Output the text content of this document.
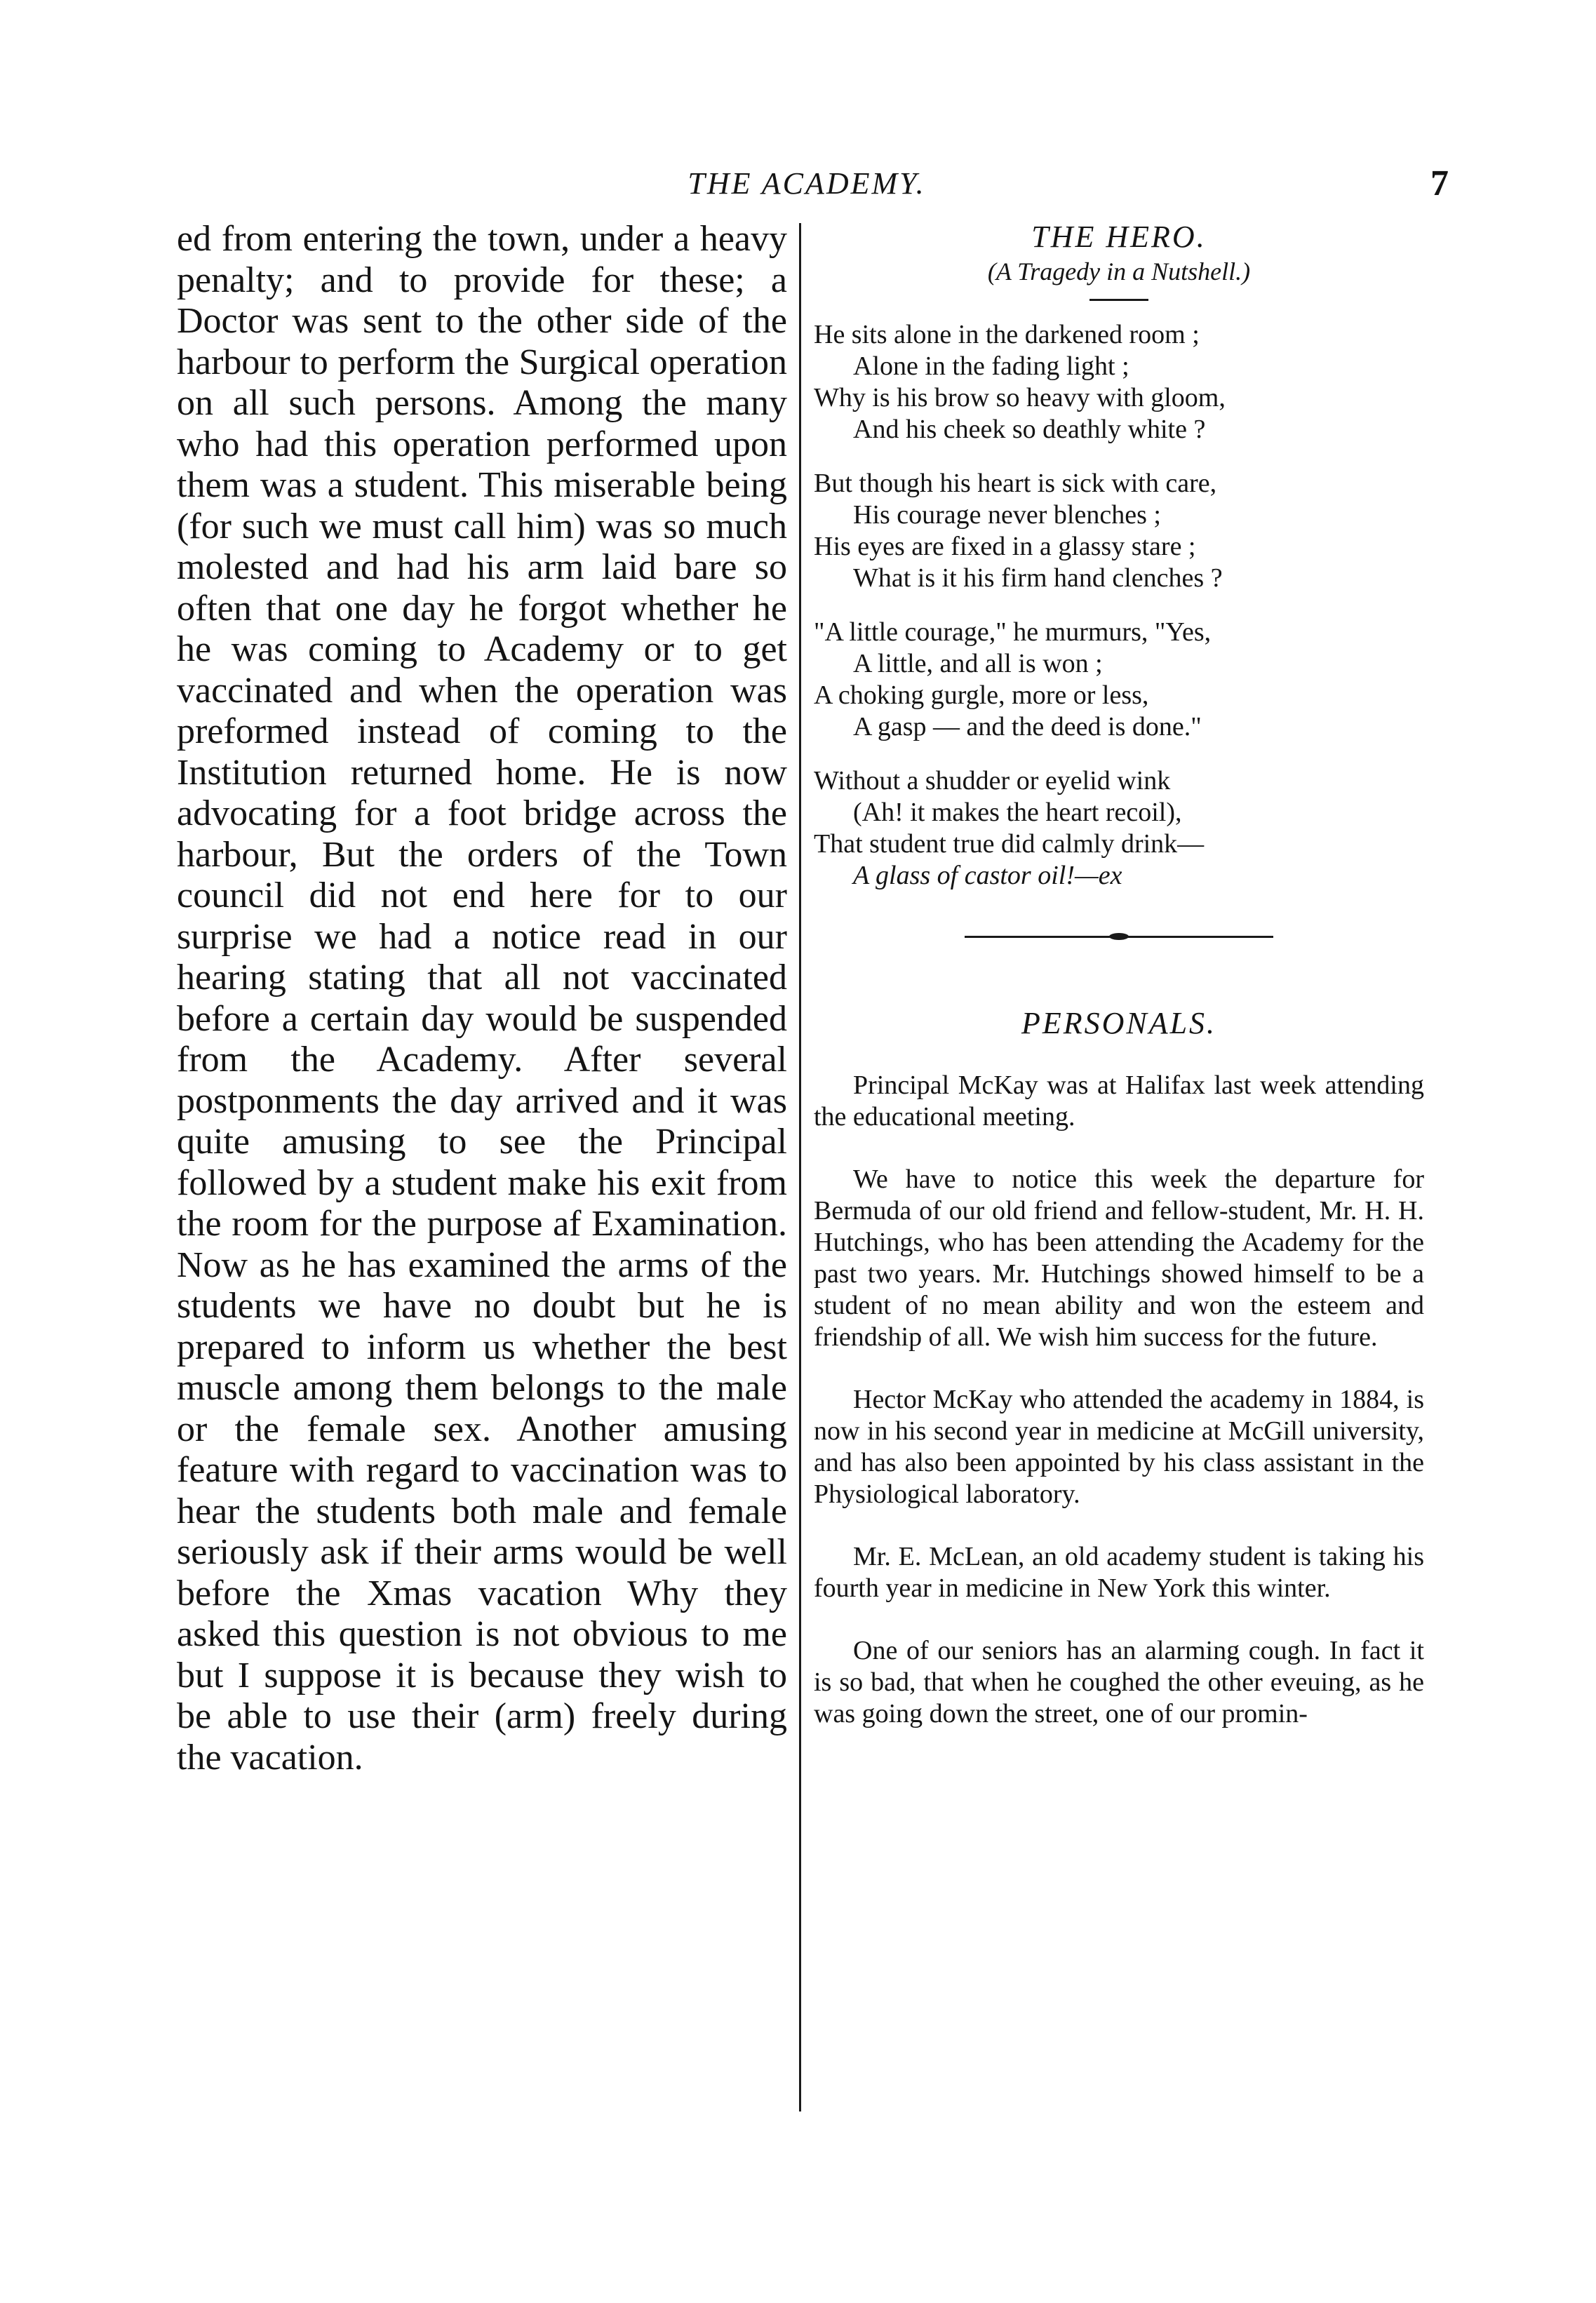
THE ACADEMY.	7

ed from entering the town, under a heavy penalty; and to provide for these; a Doctor was sent to the other side of the harbour to perform the Surgical operation on all such persons. Among the many who had this operation performed upon them was a student. This miserable being (for such we must call him) was so much molested and had his arm laid bare so often that one day he forgot whether he he was coming to Academy or to get vaccinated and when the operation was preformed instead of coming to the Institution returned home. He is now advocating for a foot bridge across the harbour, But the orders of the Town council did not end here for to our surprise we had a notice read in our hearing stating that all not vaccinated before a certain day would be suspended from the Academy. After several postponments the day arrived and it was quite amusing to see the Principal followed by a student make his exit from the room for the purpose af Examination. Now as he has examined the arms of the students we have no doubt but he is prepared to inform us whether the best muscle among them belongs to the male or the female sex. Another amusing feature with regard to vaccination was to hear the students both male and female seriously ask if their arms would be well before the Xmas vacation Why they asked this question is not obvious to me but I suppose it is because they wish to be able to use their (arm) freely during the vacation.

THE HERO.
(A Tragedy in a Nutshell.)
He sits alone in the darkened room ;
Alone in the fading light ;
Why is his brow so heavy with gloom,
And his cheek so deathly white ?
But though his heart is sick with care,
His courage never blenches ;
His eyes are fixed in a glassy stare ;
What is it his firm hand clenches ?
"A little courage," he murmurs, "Yes,
A little, and all is won ;
A choking gurgle, more or less,
A gasp — and the deed is done."
Without a shudder or eyelid wink
(Ah! it makes the heart recoil),
That student true did calmly drink—
A glass of castor oil!—ex
PERSONALS.

Principal McKay was at Halifax last week attending the educational meeting.

We have to notice this week the departure for Bermuda of our old friend and fellow-student, Mr. H. H. Hutchings, who has been attending the Academy for the past two years. Mr. Hutchings showed himself to be a student of no mean ability and won the esteem and friendship of all. We wish him success for the future.

Hector McKay who attended the academy in 1884, is now in his second year in medicine at McGill university, and has also been appointed by his class assistant in the Physiological laboratory.

Mr. E. McLean, an old academy student is taking his fourth year in medicine in New York this winter.

One of our seniors has an alarming cough. In fact it is so bad, that when he coughed the other eveuing, as he was going down the street, one of our promin-
